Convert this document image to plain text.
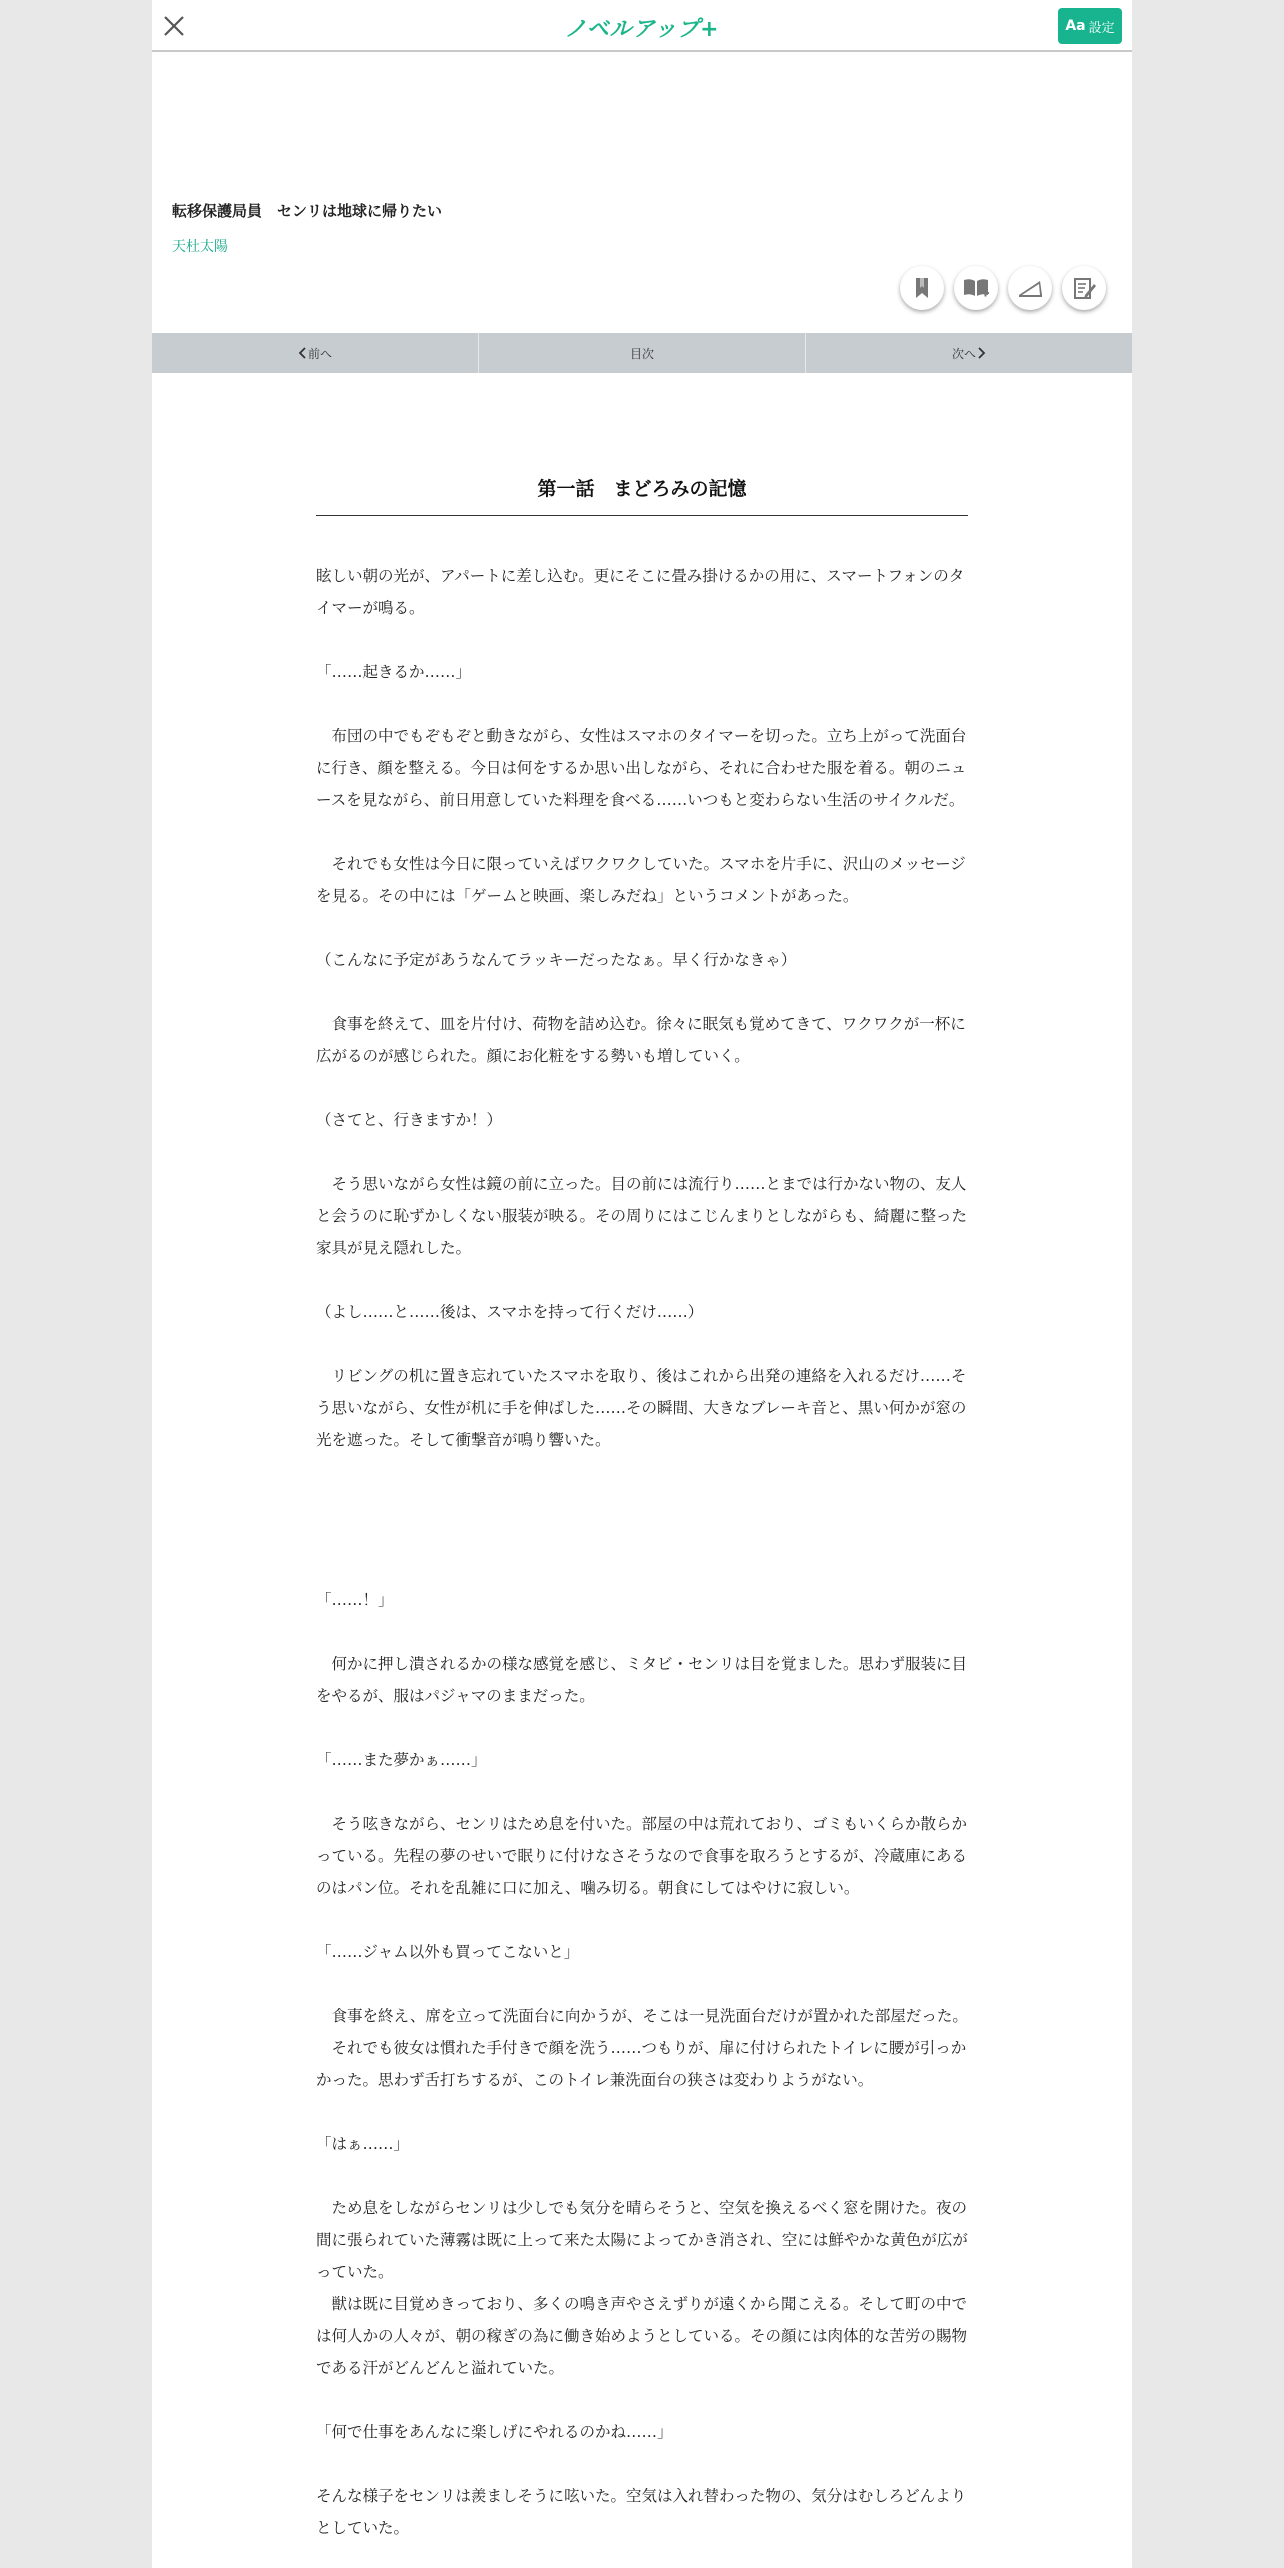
ノベルアップ+	Aa 設定
転移保護局員　センリは地球に帰りたい
天杜太陽
前へ	目次	次へ
第一話　まどろみの記憶

眩しい朝の光が、アパートに差し込む。更にそこに畳み掛けるかの用に、スマートフォンのタイマーが鳴る。

「……起きるか……」

　布団の中でもぞもぞと動きながら、女性はスマホのタイマーを切った。立ち上がって洗面台に行き、顔を整える。今日は何をするか思い出しながら、それに合わせた服を着る。朝のニュースを見ながら、前日用意していた料理を食べる……いつもと変わらない生活のサイクルだ。

　それでも女性は今日に限っていえばワクワクしていた。スマホを片手に、沢山のメッセージを見る。その中には「ゲームと映画、楽しみだね」というコメントがあった。

（こんなに予定があうなんてラッキーだったなぁ。早く行かなきゃ）

　食事を終えて、皿を片付け、荷物を詰め込む。徐々に眠気も覚めてきて、ワクワクが一杯に広がるのが感じられた。顔にお化粧をする勢いも増していく。

（さてと、行きますか！）

　そう思いながら女性は鏡の前に立った。目の前には流行り……とまでは行かない物の、友人と会うのに恥ずかしくない服装が映る。その周りにはこじんまりとしながらも、綺麗に整った家具が見え隠れした。

（よし……と……後は、スマホを持って行くだけ……）

　リビングの机に置き忘れていたスマホを取り、後はこれから出発の連絡を入れるだけ……そう思いながら、女性が机に手を伸ばした……その瞬間、大きなブレーキ音と、黒い何かが窓の光を遮った。そして衝撃音が鳴り響いた。

「……！」

　何かに押し潰されるかの様な感覚を感じ、ミタビ・センリは目を覚ました。思わず服装に目をやるが、服はパジャマのままだった。

「……また夢かぁ……」

　そう呟きながら、センリはため息を付いた。部屋の中は荒れており、ゴミもいくらか散らかっている。先程の夢のせいで眠りに付けなさそうなので食事を取ろうとするが、冷蔵庫にあるのはパン位。それを乱雑に口に加え、噛み切る。朝食にしてはやけに寂しい。

「……ジャム以外も買ってこないと」

　食事を終え、席を立って洗面台に向かうが、そこは一見洗面台だけが置かれた部屋だった。

　それでも彼女は慣れた手付きで顔を洗う……つもりが、扉に付けられたトイレに腰が引っかかった。思わず舌打ちするが、このトイレ兼洗面台の狭さは変わりようがない。

「はぁ……」

　ため息をしながらセンリは少しでも気分を晴らそうと、空気を換えるべく窓を開けた。夜の間に張られていた薄霧は既に上って来た太陽によってかき消され、空には鮮やかな黄色が広がっていた。

　獣は既に目覚めきっており、多くの鳴き声やさえずりが遠くから聞こえる。そして町の中では何人かの人々が、朝の稼ぎの為に働き始めようとしている。その顔には肉体的な苦労の賜物である汗がどんどんと溢れていた。

「何で仕事をあんなに楽しげにやれるのかね……」

そんな様子をセンリは羨ましそうに呟いた。空気は入れ替わった物の、気分はむしろどんよりとしていた。
